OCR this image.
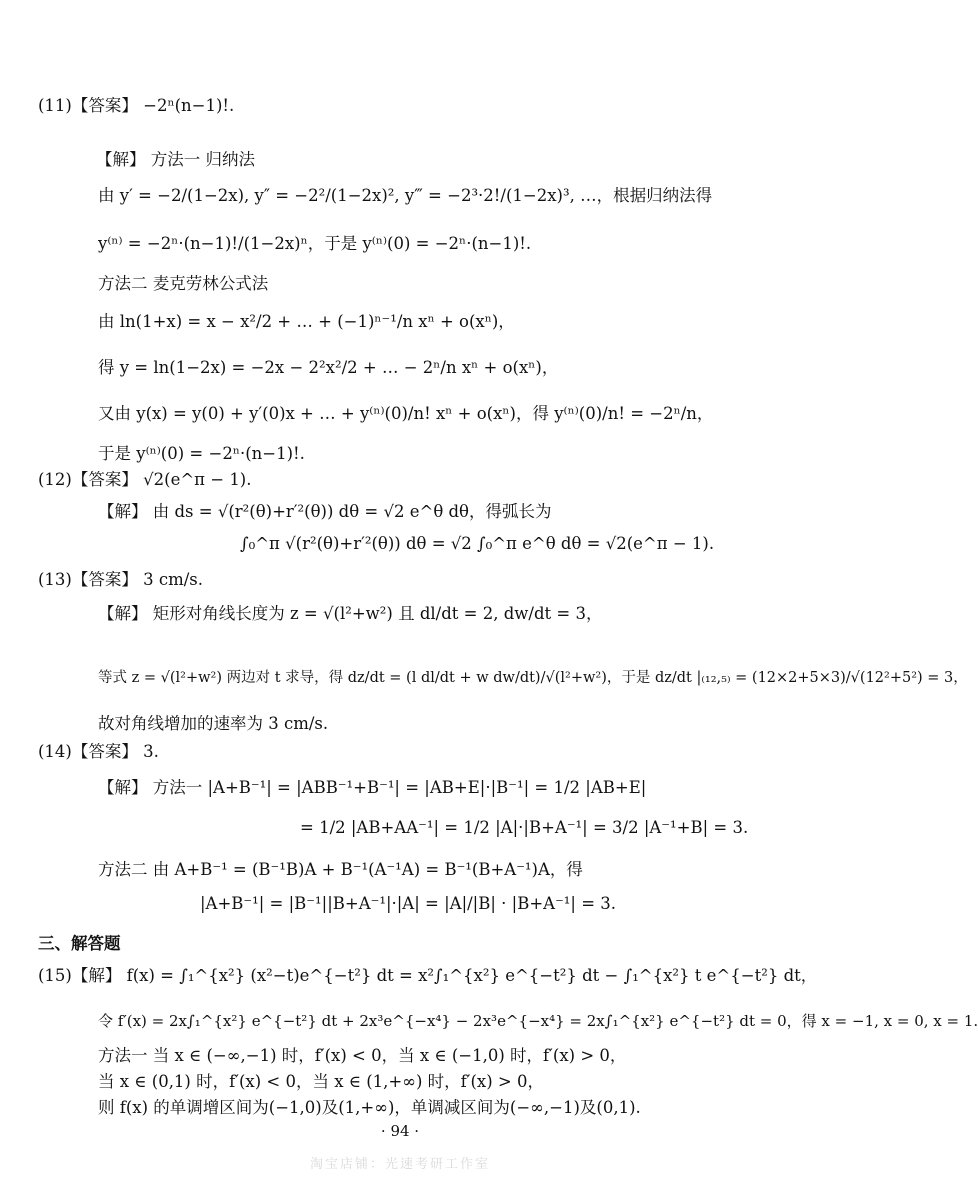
(11)【答案】 −2ⁿ(n−1)!.
【解】 方法一 归纳法
由 y′ = −2/(1−2x), y″ = −2²/(1−2x)², y‴ = −2³·2!/(1−2x)³, …，根据归纳法得
y⁽ⁿ⁾ = −2ⁿ·(n−1)!/(1−2x)ⁿ，于是 y⁽ⁿ⁾(0) = −2ⁿ·(n−1)!.
方法二 麦克劳林公式法
由 ln(1+x) = x − x²/2 + … + (−1)ⁿ⁻¹/n xⁿ + o(xⁿ)，
得 y = ln(1−2x) = −2x − 2²x²/2 + … − 2ⁿ/n xⁿ + o(xⁿ)，
又由 y(x) = y(0) + y′(0)x + … + y⁽ⁿ⁾(0)/n! xⁿ + o(xⁿ)，得 y⁽ⁿ⁾(0)/n! = −2ⁿ/n，
于是 y⁽ⁿ⁾(0) = −2ⁿ·(n−1)!.
(12)【答案】 √2(e^π − 1).
【解】 由 ds = √(r²(θ)+r′²(θ)) dθ = √2 e^θ dθ，得弧长为
∫₀^π √(r²(θ)+r′²(θ)) dθ = √2 ∫₀^π e^θ dθ = √2(e^π − 1).
(13)【答案】 3 cm/s.
【解】 矩形对角线长度为 z = √(l²+w²) 且 dl/dt = 2, dw/dt = 3，
等式 z = √(l²+w²) 两边对 t 求导，得 dz/dt = (l dl/dt + w dw/dt)/√(l²+w²)，于是 dz/dt |₍₁₂,₅₎ = (12×2+5×3)/√(12²+5²) = 3，
故对角线增加的速率为 3 cm/s.
(14)【答案】 3.
【解】 方法一 |A+B⁻¹| = |ABB⁻¹+B⁻¹| = |AB+E|·|B⁻¹| = 1/2 |AB+E|
= 1/2 |AB+AA⁻¹| = 1/2 |A|·|B+A⁻¹| = 3/2 |A⁻¹+B| = 3.
方法二 由 A+B⁻¹ = (B⁻¹B)A + B⁻¹(A⁻¹A) = B⁻¹(B+A⁻¹)A，得
|A+B⁻¹| = |B⁻¹||B+A⁻¹|·|A| = |A|/|B| · |B+A⁻¹| = 3.
三、解答题
(15)【解】 f(x) = ∫₁^{x²} (x²−t)e^{−t²} dt = x²∫₁^{x²} e^{−t²} dt − ∫₁^{x²} t e^{−t²} dt，
令 f′(x) = 2x∫₁^{x²} e^{−t²} dt + 2x³e^{−x⁴} − 2x³e^{−x⁴} = 2x∫₁^{x²} e^{−t²} dt = 0，得 x = −1, x = 0, x = 1.
方法一 当 x ∈ (−∞,−1) 时，f′(x) < 0，当 x ∈ (−1,0) 时，f′(x) > 0，
当 x ∈ (0,1) 时，f′(x) < 0，当 x ∈ (1,+∞) 时，f′(x) > 0，
则 f(x) 的单调增区间为(−1,0)及(1,+∞)，单调减区间为(−∞,−1)及(0,1).
· 94 ·
淘宝店铺：光速考研工作室
